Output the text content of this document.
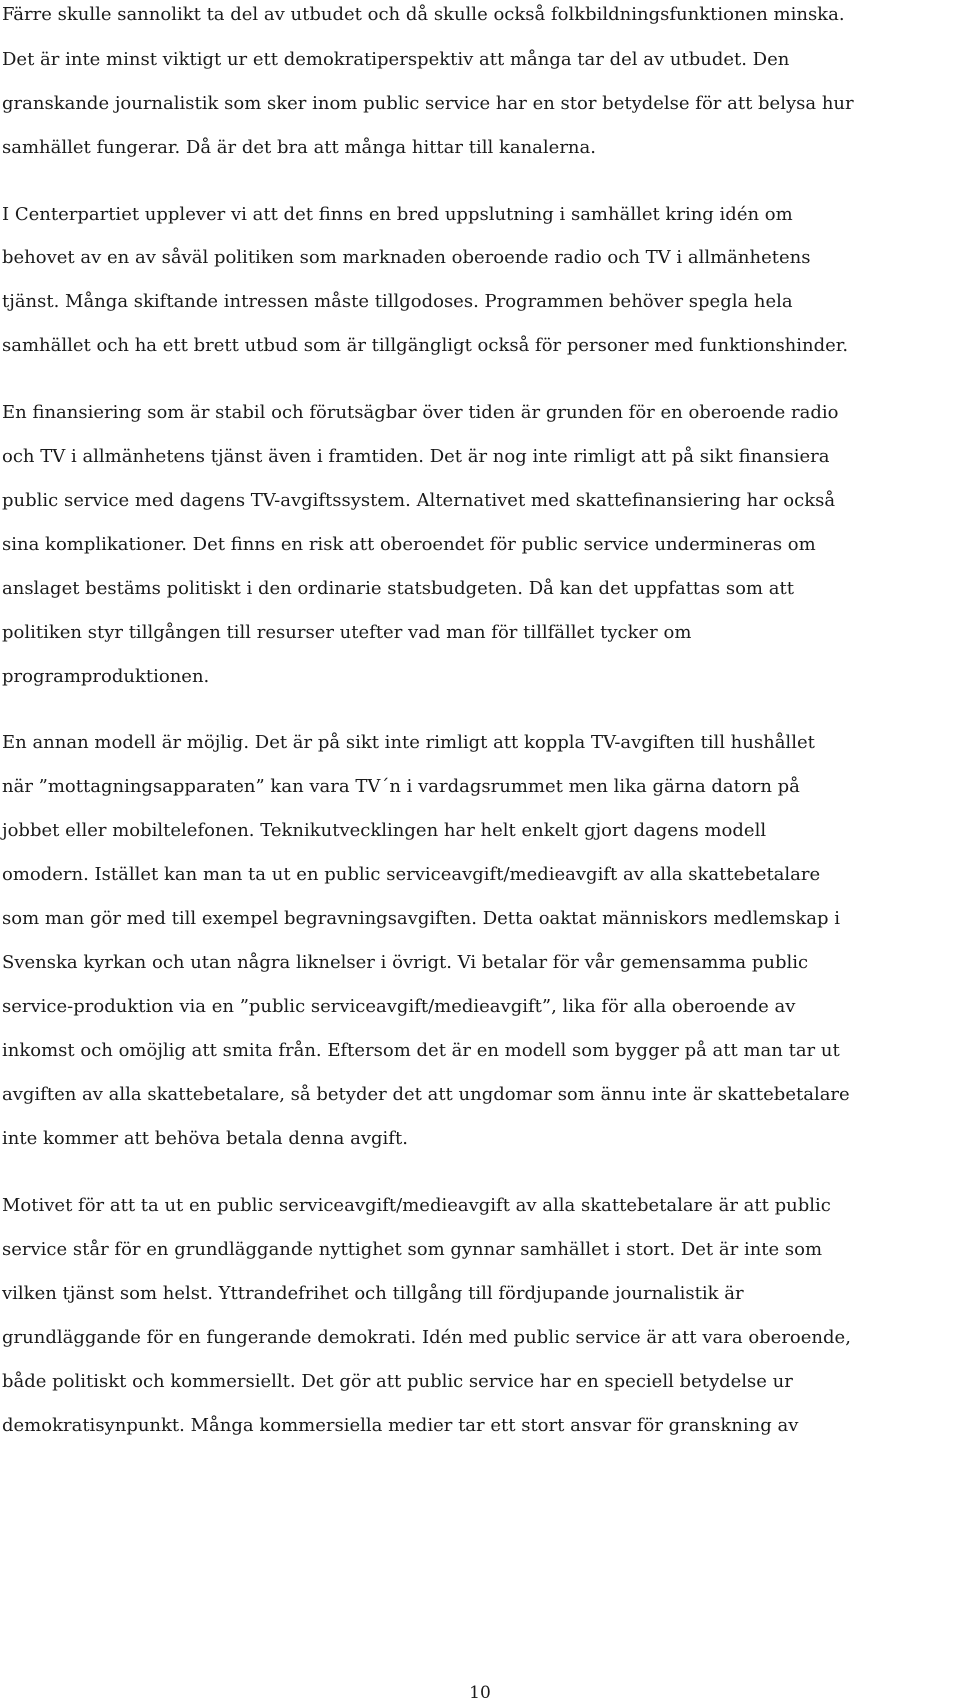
Färre skulle sannolikt ta del av utbudet och då skulle också folkbildningsfunktionen minska.
Det är inte minst viktigt ur ett demokratiperspektiv att många tar del av utbudet. Den
granskande journalistik som sker inom public service har en stor betydelse för att belysa hur
samhället fungerar. Då är det bra att många hittar till kanalerna.
I Centerpartiet upplever vi att det finns en bred uppslutning i samhället kring idén om
behovet av en av såväl politiken som marknaden oberoende radio och TV i allmänhetens
tjänst. Många skiftande intressen måste tillgodoses. Programmen behöver spegla hela
samhället och ha ett brett utbud som är tillgängligt också för personer med funktionshinder.
En finansiering som är stabil och förutsägbar över tiden är grunden för en oberoende radio
och TV i allmänhetens tjänst även i framtiden. Det är nog inte rimligt att på sikt finansiera
public service med dagens TV-avgiftssystem. Alternativet med skattefinansiering har också
sina komplikationer. Det finns en risk att oberoendet för public service undermineras om
anslaget bestäms politiskt i den ordinarie statsbudgeten. Då kan det uppfattas som att
politiken styr tillgången till resurser utefter vad man för tillfället tycker om
programproduktionen.
En annan modell är möjlig. Det är på sikt inte rimligt att koppla TV-avgiften till hushållet
när ”mottagningsapparaten” kan vara TV´n i vardagsrummet men lika gärna datorn på
jobbet eller mobiltelefonen. Teknikutvecklingen har helt enkelt gjort dagens modell
omodern. Istället kan man ta ut en public serviceavgift/medieavgift av alla skattebetalare
som man gör med till exempel begravningsavgiften. Detta oaktat människors medlemskap i
Svenska kyrkan och utan några liknelser i övrigt. Vi betalar för vår gemensamma public
service-produktion via en ”public serviceavgift/medieavgift”, lika för alla oberoende av
inkomst och omöjlig att smita från. Eftersom det är en modell som bygger på att man tar ut
avgiften av alla skattebetalare, så betyder det att ungdomar som ännu inte är skattebetalare
inte kommer att behöva betala denna avgift.
Motivet för att ta ut en public serviceavgift/medieavgift av alla skattebetalare är att public
service står för en grundläggande nyttighet som gynnar samhället i stort. Det är inte som
vilken tjänst som helst. Yttrandefrihet och tillgång till fördjupande journalistik är
grundläggande för en fungerande demokrati. Idén med public service är att vara oberoende,
både politiskt och kommersiellt. Det gör att public service har en speciell betydelse ur
demokratisynpunkt. Många kommersiella medier tar ett stort ansvar för granskning av
10
